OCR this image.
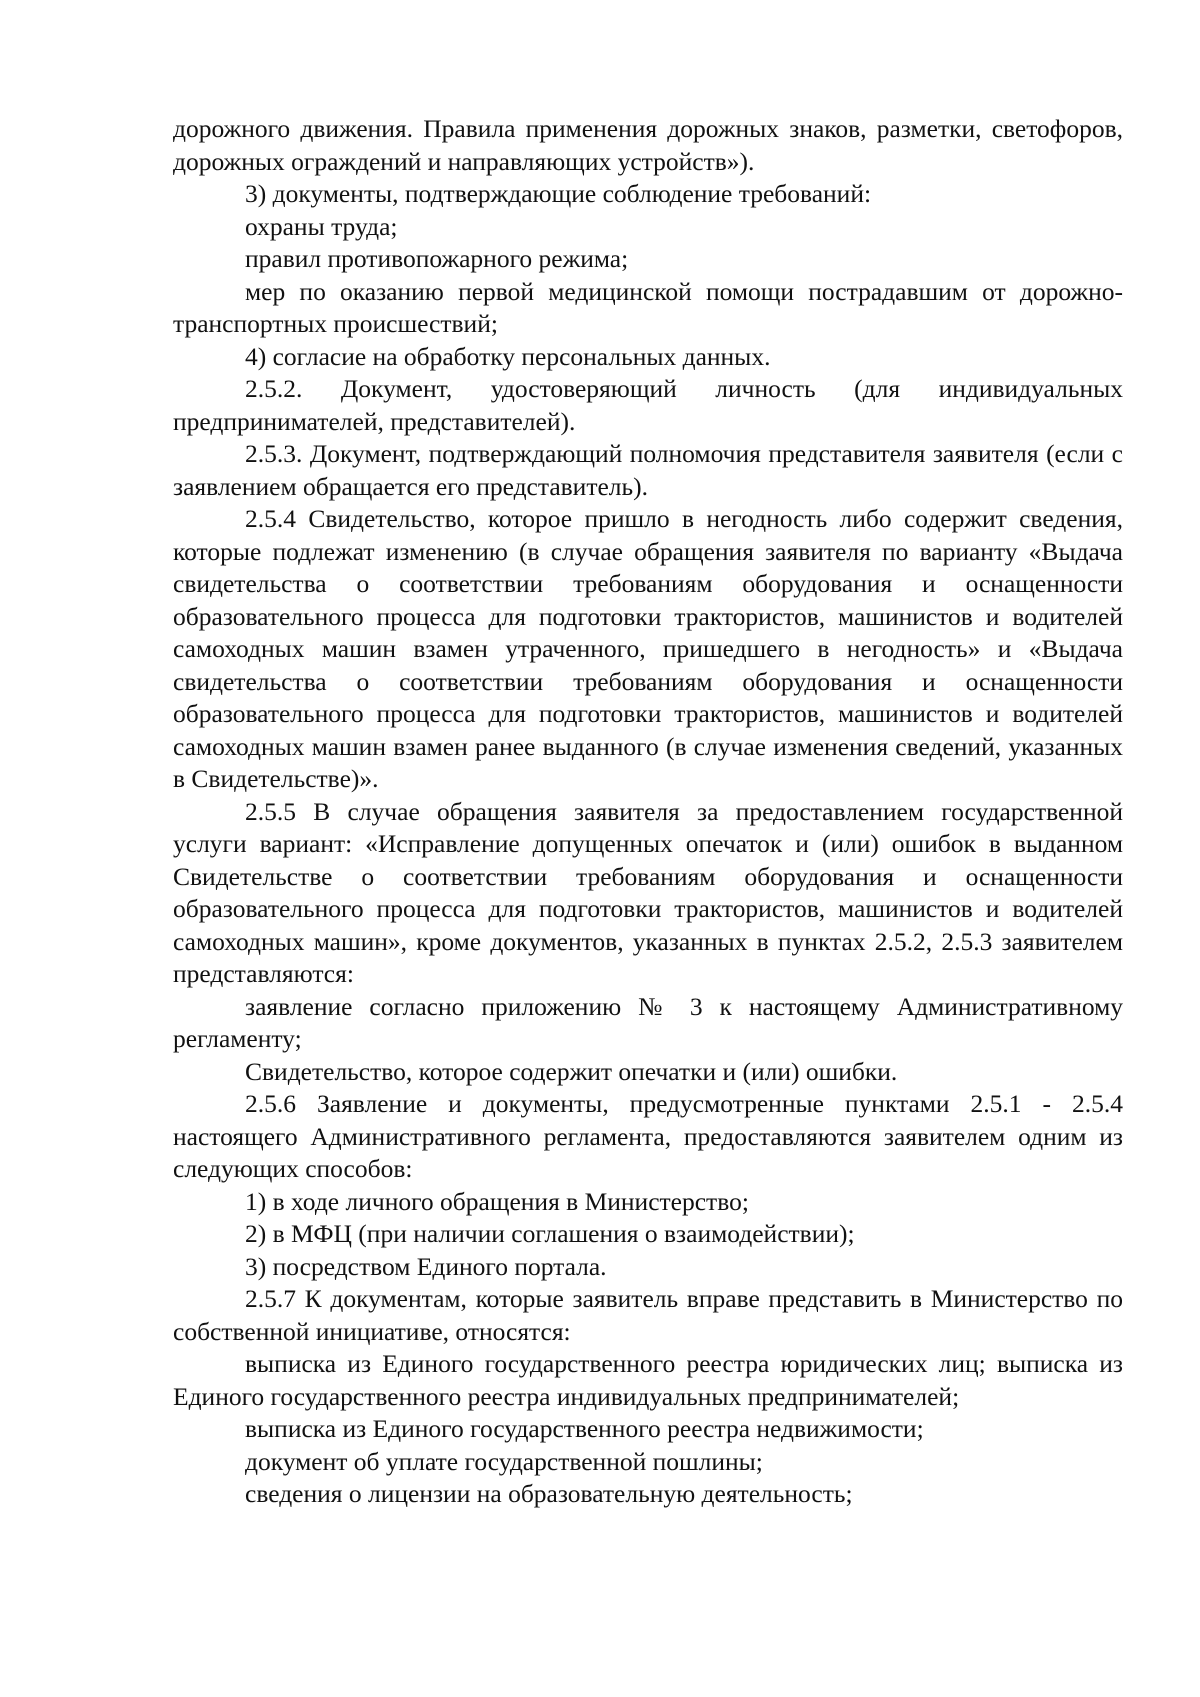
дорожного движения. Правила применения дорожных знаков, разметки, светофоров, дорожных ограждений и направляющих устройств»).

3) документы, подтверждающие соблюдение требований:

охраны труда;

правил противопожарного режима;

мер по оказанию первой медицинской помощи пострадавшим от дорожно-транспортных происшествий;

4) согласие на обработку персональных данных.

2.5.2. Документ, удостоверяющий личность (для индивидуальных предпринимателей, представителей).

2.5.3. Документ, подтверждающий полномочия представителя заявителя (если с заявлением обращается его представитель).

2.5.4 Свидетельство, которое пришло в негодность либо содержит сведения, которые подлежат изменению (в случае обращения заявителя по варианту «Выдача свидетельства о соответствии требованиям оборудования и оснащенности образовательного процесса для подготовки трактористов, машинистов и водителей самоходных машин взамен утраченного, пришедшего в негодность» и «Выдача свидетельства о соответствии требованиям оборудования и оснащенности образовательного процесса для подготовки трактористов, машинистов и водителей самоходных машин взамен ранее выданного (в случае изменения сведений, указанных в Свидетельстве)».

2.5.5 В случае обращения заявителя за предоставлением государственной услуги вариант: «Исправление допущенных опечаток и (или) ошибок в выданном Свидетельстве о соответствии требованиям оборудования и оснащенности образовательного процесса для подготовки трактористов, машинистов и водителей самоходных машин», кроме документов, указанных в пунктах 2.5.2, 2.5.3 заявителем представляются:

заявление согласно приложению № 3 к настоящему Административному регламенту;

Свидетельство, которое содержит опечатки и (или) ошибки.

2.5.6 Заявление и документы, предусмотренные пунктами 2.5.1 - 2.5.4 настоящего Административного регламента, предоставляются заявителем одним из следующих способов:

1) в ходе личного обращения в Министерство;

2) в МФЦ (при наличии соглашения о взаимодействии);

3) посредством Единого портала.

2.5.7 К документам, которые заявитель вправе представить в Министерство по собственной инициативе, относятся:

выписка из Единого государственного реестра юридических лиц; выписка из Единого государственного реестра индивидуальных предпринимателей;

выписка из Единого государственного реестра недвижимости;

документ об уплате государственной пошлины;

сведения о лицензии на образовательную деятельность;
